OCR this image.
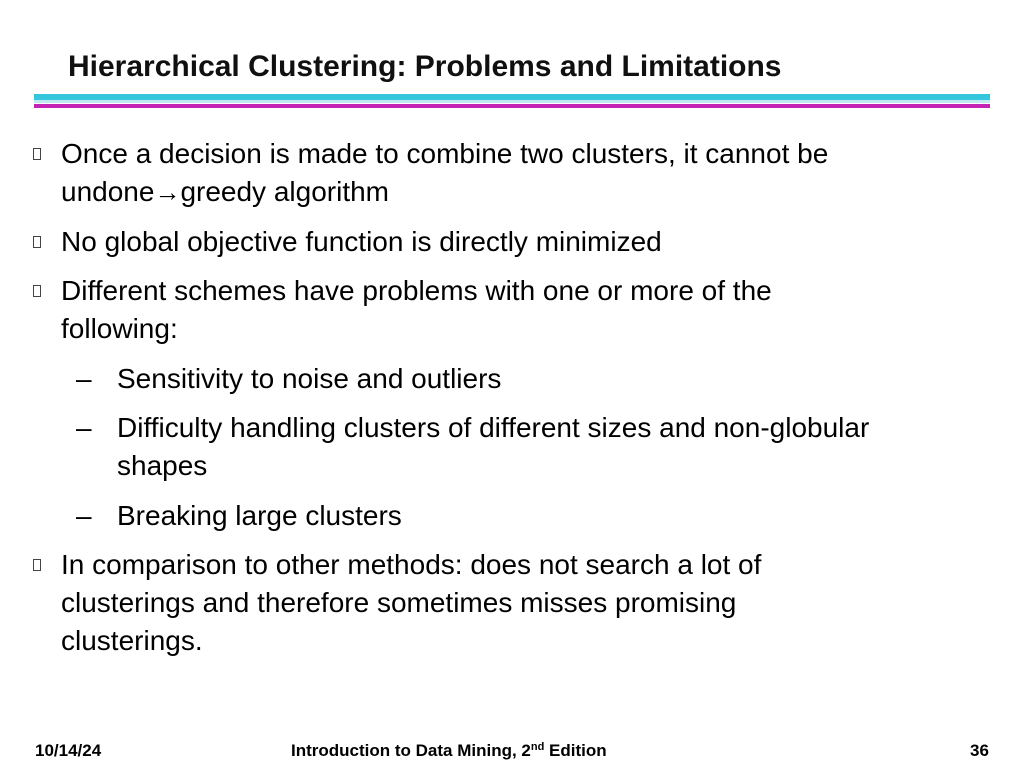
Hierarchical Clustering: Problems and Limitations
Once a decision is made to combine two clusters, it cannot be
undone→greedy algorithm
No global objective function is directly minimized
Different schemes have problems with one or more of the
following:
– Sensitivity to noise and outliers
– Difficulty handling clusters of different sizes and non-globular
shapes
– Breaking large clusters
In comparison to other methods: does not search a lot of
clusterings and therefore sometimes misses promising
clusterings.
10/14/24	Introduction to Data Mining, 2nd Edition	36
